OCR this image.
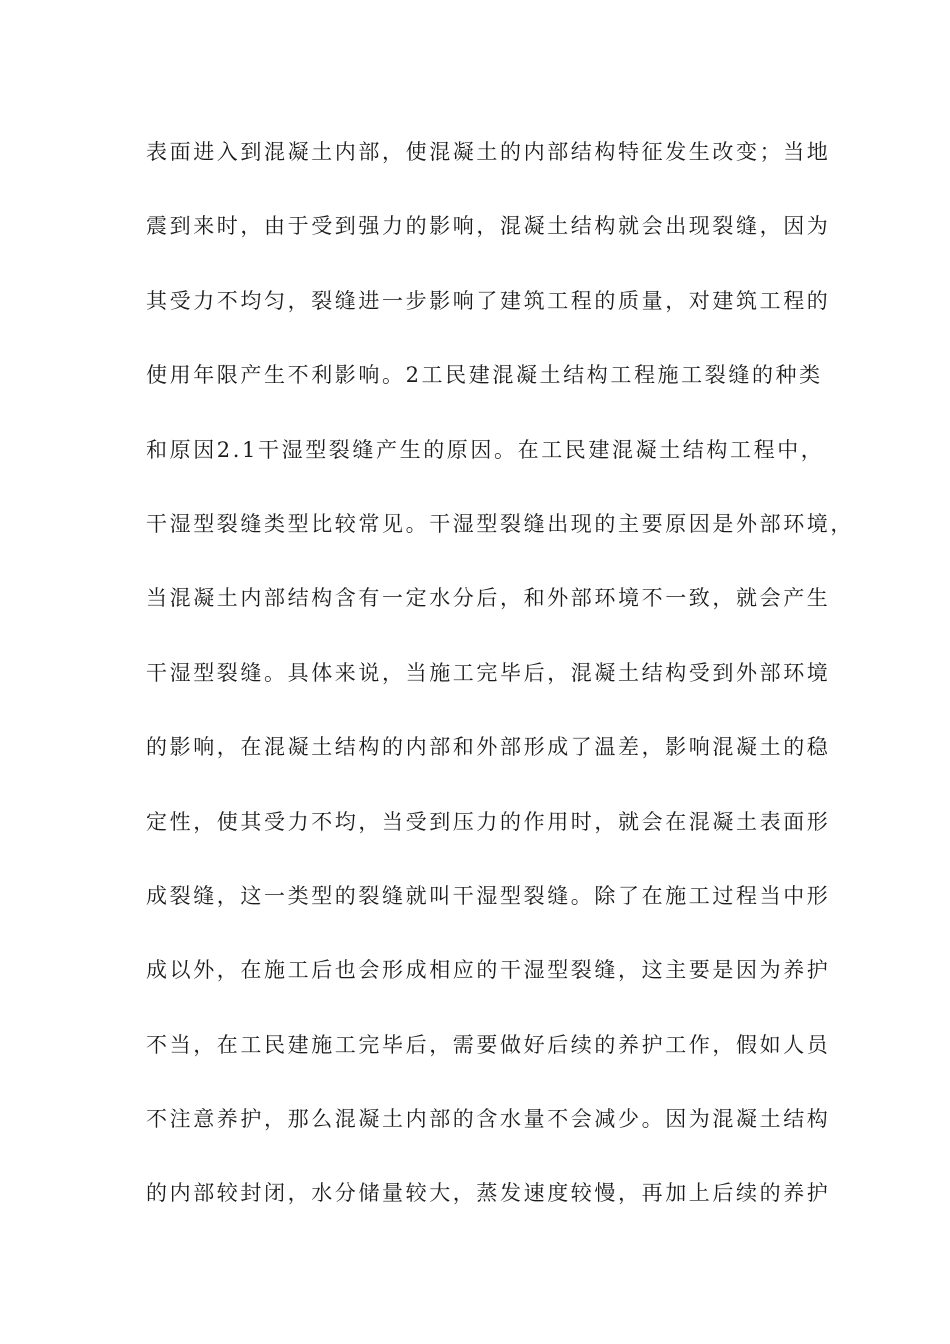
表面进入到混凝土内部，使混凝土的内部结构特征发生改变；当地
震到来时，由于受到强力的影响，混凝土结构就会出现裂缝，因为
其受力不均匀，裂缝进一步影响了建筑工程的质量，对建筑工程的
使用年限产生不利影响。2工民建混凝土结构工程施工裂缝的种类
和原因2.1干湿型裂缝产生的原因。在工民建混凝土结构工程中，
干湿型裂缝类型比较常见。干湿型裂缝出现的主要原因是外部环境，
当混凝土内部结构含有一定水分后，和外部环境不一致，就会产生
干湿型裂缝。具体来说，当施工完毕后，混凝土结构受到外部环境
的影响，在混凝土结构的内部和外部形成了温差，影响混凝土的稳
定性，使其受力不均，当受到压力的作用时，就会在混凝土表面形
成裂缝，这一类型的裂缝就叫干湿型裂缝。除了在施工过程当中形
成以外，在施工后也会形成相应的干湿型裂缝，这主要是因为养护
不当，在工民建施工完毕后，需要做好后续的养护工作，假如人员
不注意养护，那么混凝土内部的含水量不会减少。因为混凝土结构
的内部较封闭，水分储量较大，蒸发速度较慢，再加上后续的养护
